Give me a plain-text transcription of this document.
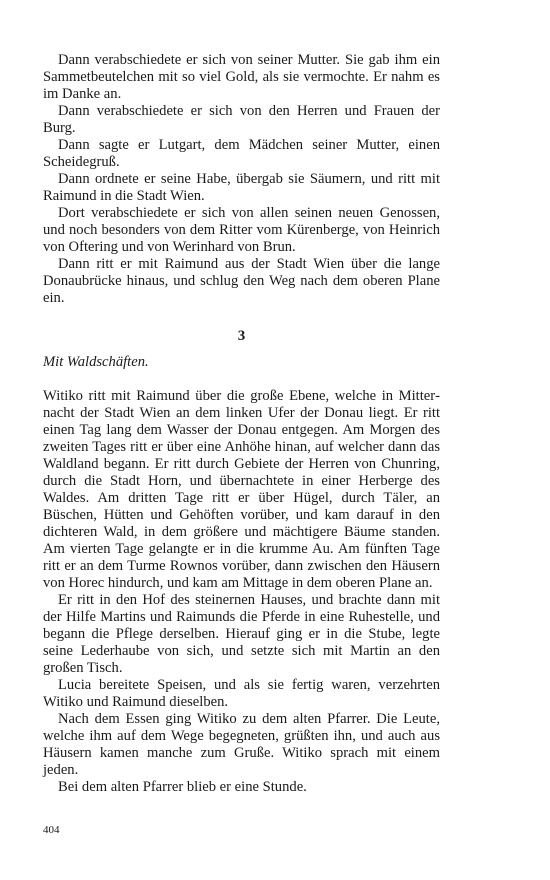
Dann verabschiedete er sich von seiner Mutter. Sie gab ihm ein Sammetbeutelchen mit so viel Gold, als sie vermochte. Er nahm es im Danke an.

Dann verabschiedete er sich von den Herren und Frauen der Burg.

Dann sagte er Lutgart, dem Mädchen seiner Mutter, einen Scheidegruß.

Dann ordnete er seine Habe, übergab sie Säumern, und ritt mit Raimund in die Stadt Wien.

Dort verabschiedete er sich von allen seinen neuen Genossen, und noch besonders von dem Ritter vom Kürenberge, von Heinrich von Oftering und von Werinhard von Brun.

Dann ritt er mit Raimund aus der Stadt Wien über die lange Donaubrücke hinaus, und schlug den Weg nach dem oberen Plane ein.

3
Mit Waldschäften.

Witiko ritt mit Raimund über die große Ebene, welche in Mitternacht der Stadt Wien an dem linken Ufer der Donau liegt. Er ritt einen Tag lang dem Wasser der Donau entgegen. Am Morgen des zweiten Tages ritt er über eine Anhöhe hinan, auf welcher dann das Waldland begann. Er ritt durch Gebiete der Herren von Chunring, durch die Stadt Horn, und übernachtete in einer Herberge des Waldes. Am dritten Tage ritt er über Hügel, durch Täler, an Büschen, Hütten und Gehöften vorüber, und kam darauf in den dichteren Wald, in dem größere und mächtigere Bäume standen. Am vierten Tage gelangte er in die krumme Au. Am fünften Tage ritt er an dem Turme Rownos vorüber, dann zwischen den Häusern von Horec hindurch, und kam am Mittage in dem oberen Plane an.

Er ritt in den Hof des steinernen Hauses, und brachte dann mit der Hilfe Martins und Raimunds die Pferde in eine Ruhestelle, und begann die Pflege derselben. Hierauf ging er in die Stube, legte seine Lederhaube von sich, und setzte sich mit Martin an den großen Tisch.

Lucia bereitete Speisen, und als sie fertig waren, verzehrten Witiko und Raimund dieselben.

Nach dem Essen ging Witiko zu dem alten Pfarrer. Die Leute, welche ihm auf dem Wege begegneten, grüßten ihn, und auch aus Häusern kamen manche zum Gruße. Witiko sprach mit einem jeden.

Bei dem alten Pfarrer blieb er eine Stunde.

404
